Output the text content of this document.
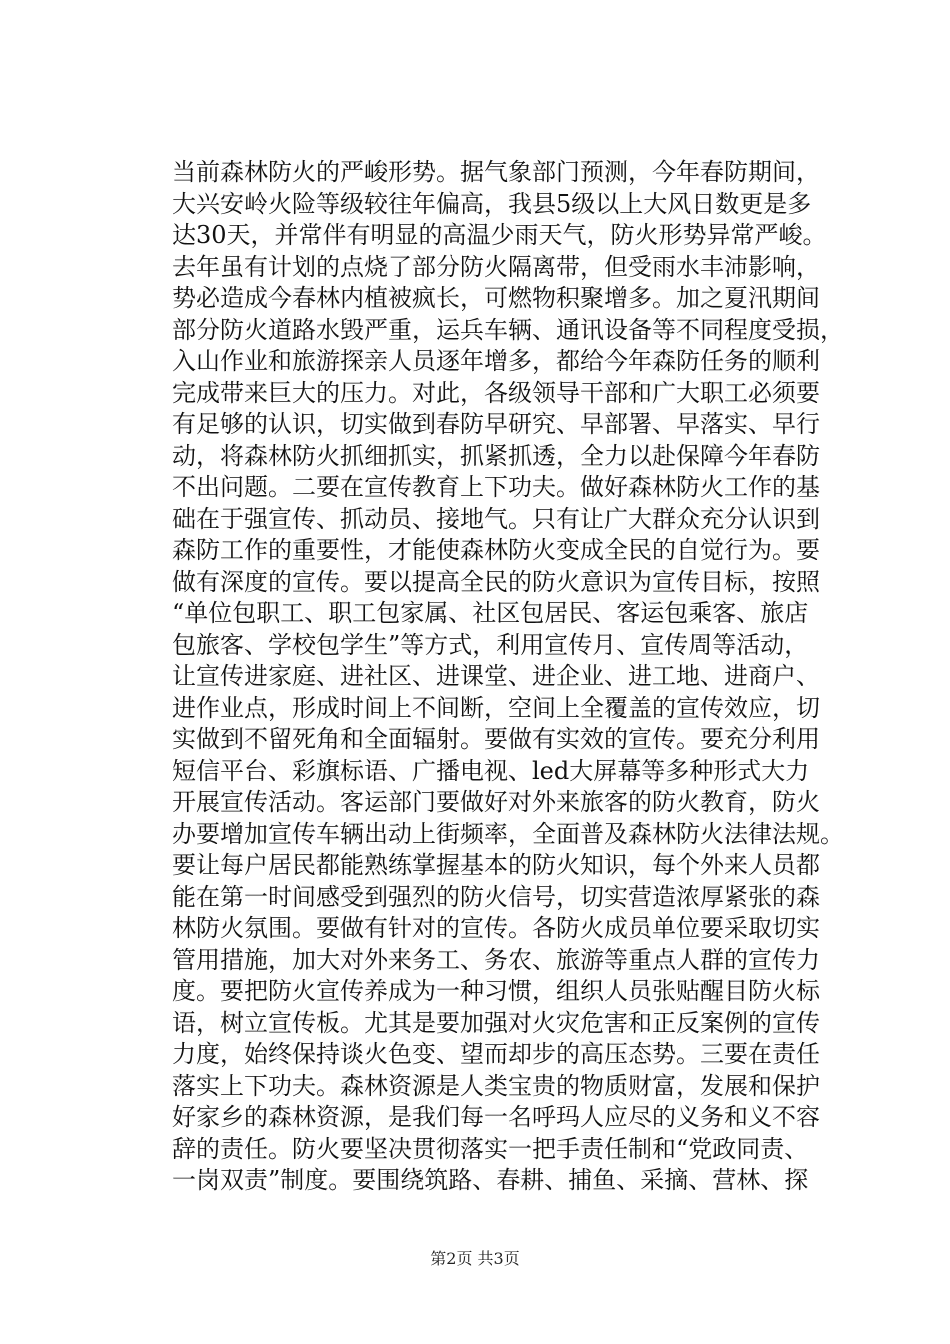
当前森林防火的严峻形势。据气象部门预测，今年春防期间，
大兴安岭火险等级较往年偏高，我县5级以上大风日数更是多
达30天，并常伴有明显的高温少雨天气，防火形势异常严峻。
去年虽有计划的点烧了部分防火隔离带，但受雨水丰沛影响，
势必造成今春林内植被疯长，可燃物积聚增多。加之夏汛期间
部分防火道路水毁严重，运兵车辆、通讯设备等不同程度受损，
入山作业和旅游探亲人员逐年增多，都给今年森防任务的顺利
完成带来巨大的压力。对此，各级领导干部和广大职工必须要
有足够的认识，切实做到春防早研究、早部署、早落实、早行
动，将森林防火抓细抓实，抓紧抓透，全力以赴保障今年春防
不出问题。二要在宣传教育上下功夫。做好森林防火工作的基
础在于强宣传、抓动员、接地气。只有让广大群众充分认识到
森防工作的重要性，才能使森林防火变成全民的自觉行为。要
做有深度的宣传。要以提高全民的防火意识为宣传目标，按照
“单位包职工、职工包家属、社区包居民、客运包乘客、旅店
包旅客、学校包学生”等方式，利用宣传月、宣传周等活动，
让宣传进家庭、进社区、进课堂、进企业、进工地、进商户、
进作业点，形成时间上不间断，空间上全覆盖的宣传效应，切
实做到不留死角和全面辐射。要做有实效的宣传。要充分利用
短信平台、彩旗标语、广播电视、led大屏幕等多种形式大力
开展宣传活动。客运部门要做好对外来旅客的防火教育，防火
办要增加宣传车辆出动上街频率，全面普及森林防火法律法规。
要让每户居民都能熟练掌握基本的防火知识，每个外来人员都
能在第一时间感受到强烈的防火信号，切实营造浓厚紧张的森
林防火氛围。要做有针对的宣传。各防火成员单位要采取切实
管用措施，加大对外来务工、务农、旅游等重点人群的宣传力
度。要把防火宣传养成为一种习惯，组织人员张贴醒目防火标
语，树立宣传板。尤其是要加强对火灾危害和正反案例的宣传
力度，始终保持谈火色变、望而却步的高压态势。三要在责任
落实上下功夫。森林资源是人类宝贵的物质财富，发展和保护
好家乡的森林资源，是我们每一名呼玛人应尽的义务和义不容
辞的责任。防火要坚决贯彻落实一把手责任制和“党政同责、
一岗双责”制度。要围绕筑路、春耕、捕鱼、采摘、营林、探
第2页 共3页
